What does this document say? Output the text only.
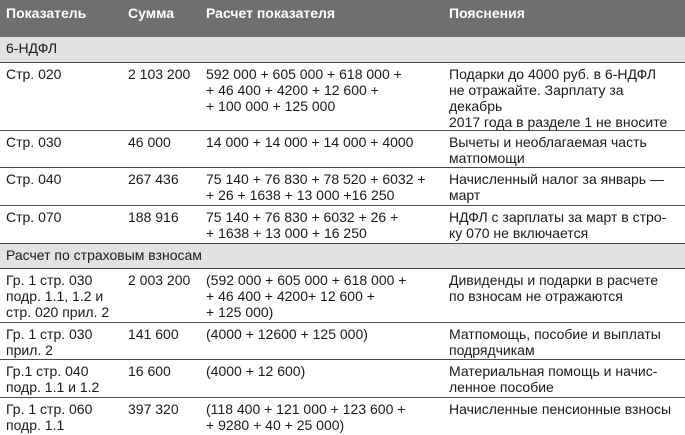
Показатель	Сумма	Расчет показателя	Пояснения
6-НДФЛ			
Стр. 020	2 103 200	592 000 + 605 000 + 618 000 +
+ 46 400 + 4200 + 12 600 +
+ 100 000 + 125 000	Подарки до 4000 руб. в 6-НДФЛ
не отражайте. Зарплату за декабрь
2017 года в разделе 1 не вносите
Стр. 030	46 000	14 000 + 14 000 + 14 000 + 4000	Вычеты и необлагаемая часть
матпомощи
Стр. 040	267 436	75 140 + 76 830 + 78 520 + 6032 +
+ 26 + 1638 + 13 000 +16 250	Начисленный налог за январь —
март
Стр. 070	188 916	75 140 + 76 830 + 6032 + 26 +
+ 1638 + 13 000 + 16 250	НДФЛ с зарплаты за март в стро-
ку 070 не включается
Расчет по страховым взносам			
Гр. 1 стр. 030
подр. 1.1, 1.2 и
стр. 020 прил. 2	2 003 200	(592 000 + 605 000 + 618 000 +
+ 46 400 + 4200+ 12 600 +
+ 125 000)	Дивиденды и подарки в расчете
по взносам не отражаются
Гр. 1 стр. 030
прил. 2	141 600	(4000 + 12600 + 125 000)	Матпомощь, пособие и выплаты
подрядчикам
Гр.1 стр. 040
подр. 1.1 и 1.2	16 600	(4000 + 12 600)	Материальная помощь и начис-
ленное пособие
Гр. 1 стр. 060
подр. 1.1	397 320	(118 400 + 121 000 + 123 600 +
+ 9280 + 40 + 25 000)	Начисленные пенсионные взносы
